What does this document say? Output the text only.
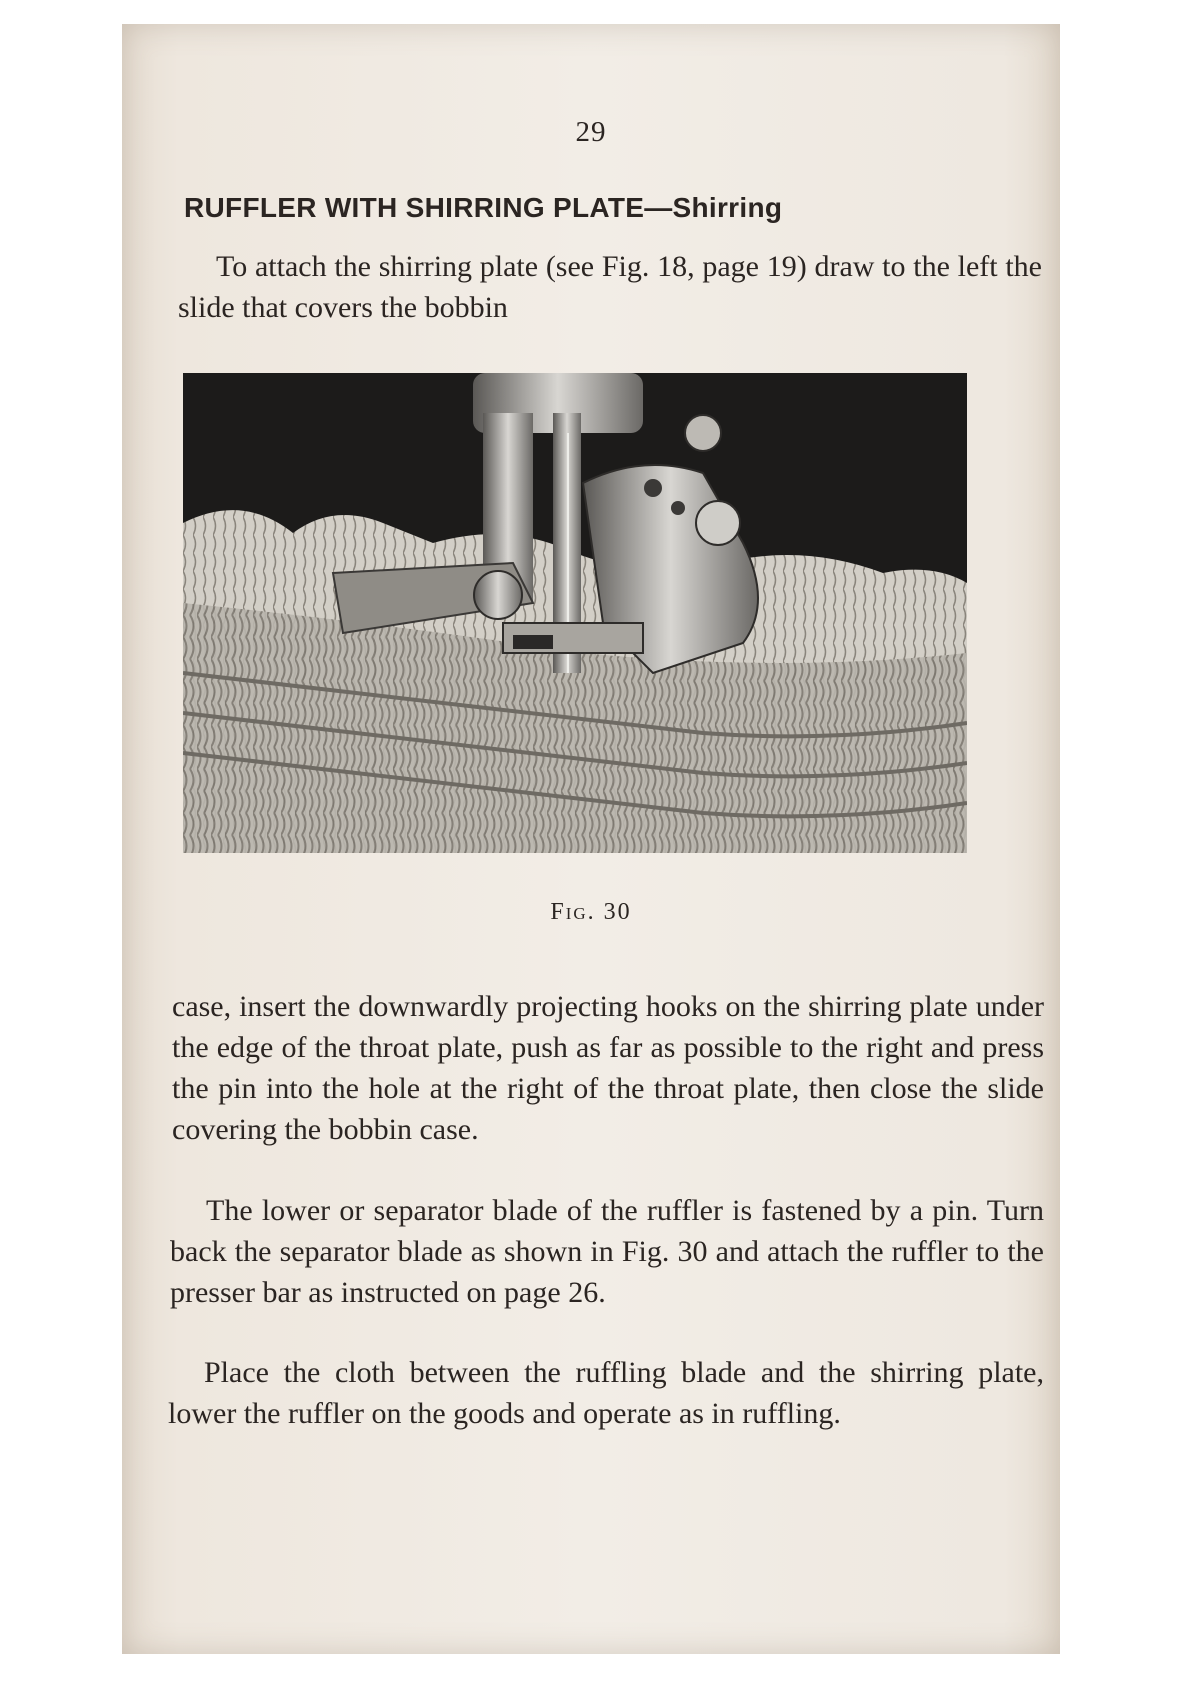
29
RUFFLER WITH SHIRRING PLATE—Shirring
To attach the shirring plate (see Fig. 18, page 19) draw to the left the slide that covers the bobbin
Fig. 30
case, insert the downwardly projecting hooks on the shirring plate under the edge of the throat plate, push as far as possible to the right and press the pin into the hole at the right of the throat plate, then close the slide covering the bobbin case.
The lower or separator blade of the ruffler is fastened by a pin. Turn back the separator blade as shown in Fig. 30 and attach the ruffler to the presser bar as instructed on page 26.
Place the cloth between the ruffling blade and the shirring plate, lower the ruffler on the goods and operate as in ruffling.
